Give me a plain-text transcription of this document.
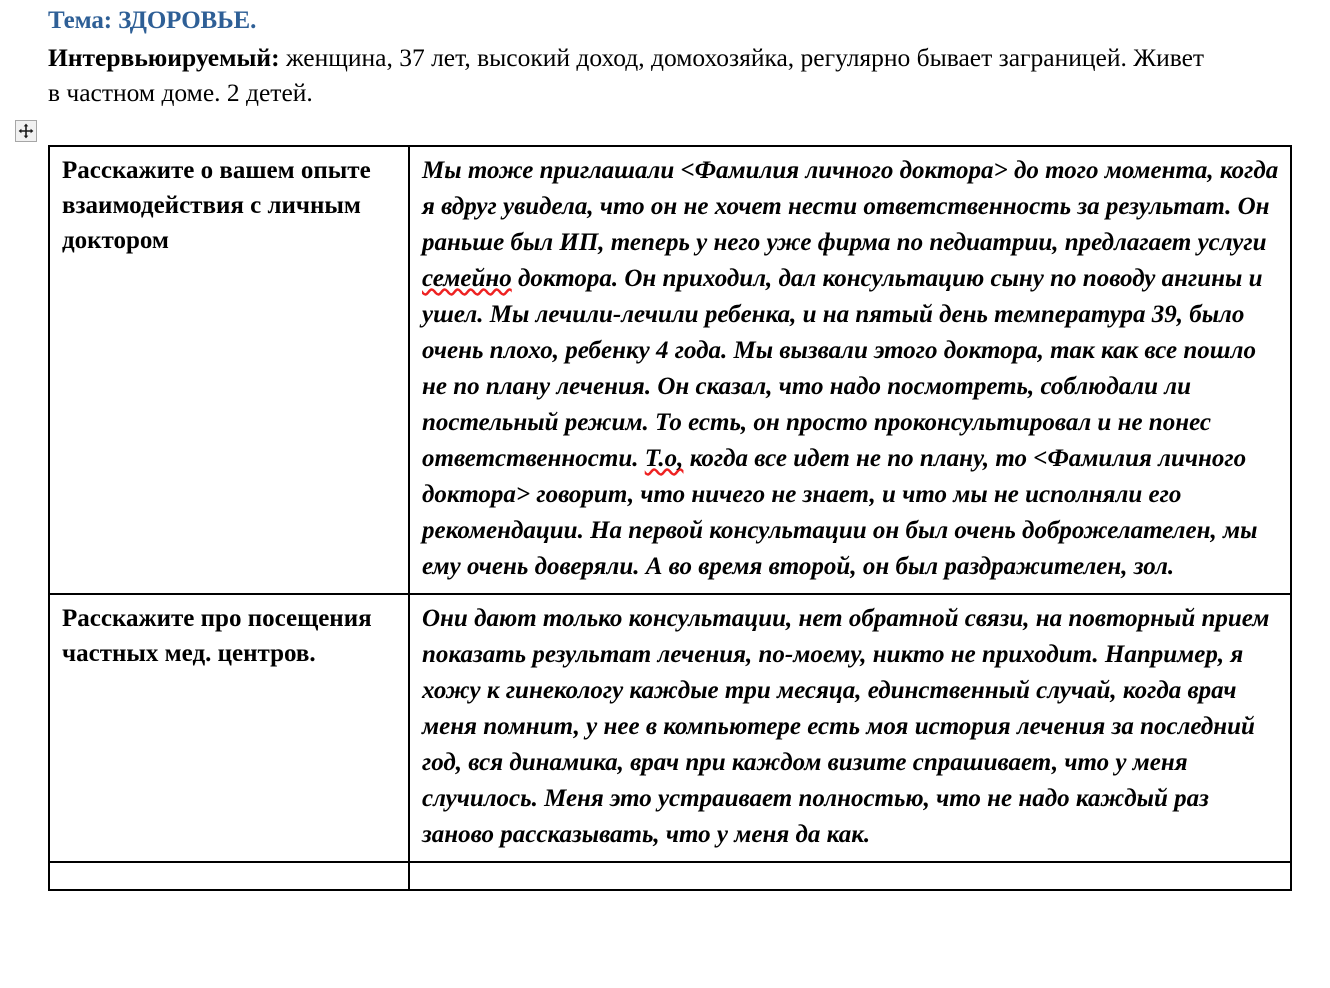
Тема: ЗДОРОВЬЕ.
Интервьюируемый: женщина, 37 лет, высокий доход, домохозяйка, регулярно бывает заграницей. Живет в частном доме. 2 детей.
Расскажите о вашем опыте взаимодействия с личным доктором	Мы тоже приглашали <Фамилия личного доктора> до того момента, когда я вдруг увидела, что он не хочет нести ответственность за результат. Он раньше был ИП, теперь у него уже фирма по педиатрии, предлагает услуги семейно доктора. Он приходил, дал консультацию сыну по поводу ангины и ушел. Мы лечили-лечили ребенка, и на пятый день температура 39, было очень плохо, ребенку 4 года. Мы вызвали этого доктора, так как все пошло не по плану лечения. Он сказал, что надо посмотреть, соблюдали ли постельный режим. То есть, он просто проконсультировал и не понес ответственности. Т.о, когда все идет не по плану, то <Фамилия личного доктора> говорит, что ничего не знает, и что мы не исполняли его рекомендации. На первой консультации он был очень доброжелателен, мы ему очень доверяли. А во время второй, он был раздражителен, зол.

Расскажите про посещения частных мед. центров.	Они дают только консультации, нет обратной связи, на повторный прием показать результат лечения, по-моему, никто не приходит. Например, я хожу к гинекологу каждые три месяца, единственный случай, когда врач меня помнит, у нее в компьютере есть моя история лечения за последний год, вся динамика, врач при каждом визите спрашивает, что у меня случилось. Меня это устраивает полностью, что не надо каждый раз заново рассказывать, что у меня да как.
